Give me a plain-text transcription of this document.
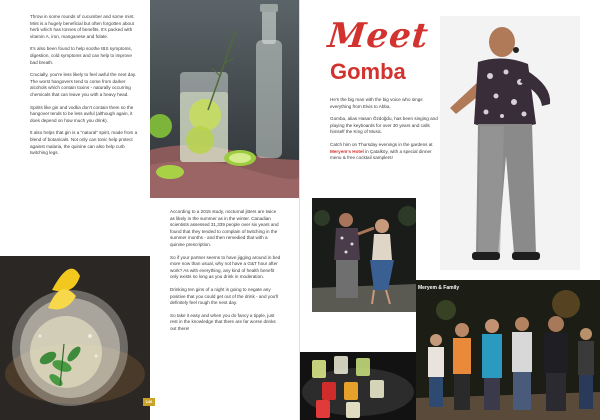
Throw in some rounds of cucumber and some mint. Mint is a hugely beneficial but often forgotten about herb which has tonnes of benefits. It's packed with vitamin A, iron, manganese and folate.

It's also been found to help soothe IBS symptoms, digestion, cold symptoms and can help to improve bad breath.

Crucially, you're less likely to feel awful the next day. The worst hangovers tend to come from darker alcohols which contain toxins - naturally occurring chemicals that can leave you with a heavy head.

Spirits like gin and vodka don't contain them so the hangover tends to be less awful (although again, it does depend on how much you drink).

It also helps that gin is a "natural" spirit, made from a blend of botanicals. Not only can tonic help protect against malaria, the quinine can also help curb twitching legs.

According to a 2015 study, nocturnal jitters are twice as likely in the summer as in the winter. Canadian scientists assessed 31,339 people over six years and found that they tended to complain of twitching in the summer months - and then remedied that with a quinine prescription.

So if your partner seems to have jigging around in bed more now than usual, why not have a G&T hour after work? As with everything, any kind of health benefit only exists so long as you drink in moderation.

Drinking ten gins of a night is going to negate any positive that you could get out of the drink - and you'll definitely feel rough the next day.

So take it easy and when you do fancy a tipple, just rest in the knowledge that there are far worse drinks out there!

146
Meet
Gomba

He's the big man with the big voice who sings everything from Elvis to Abba.

Gomba, alias Hasan Özdoğdu, has been singing and playing the keyboards for over 30 years and calls himself the King of Music.

Catch him on Thursday evenings in the gardens at Meryem's Hotel in Çatalköy, with a special dinner menu & free cocktail samplers!

Meryem & Family
